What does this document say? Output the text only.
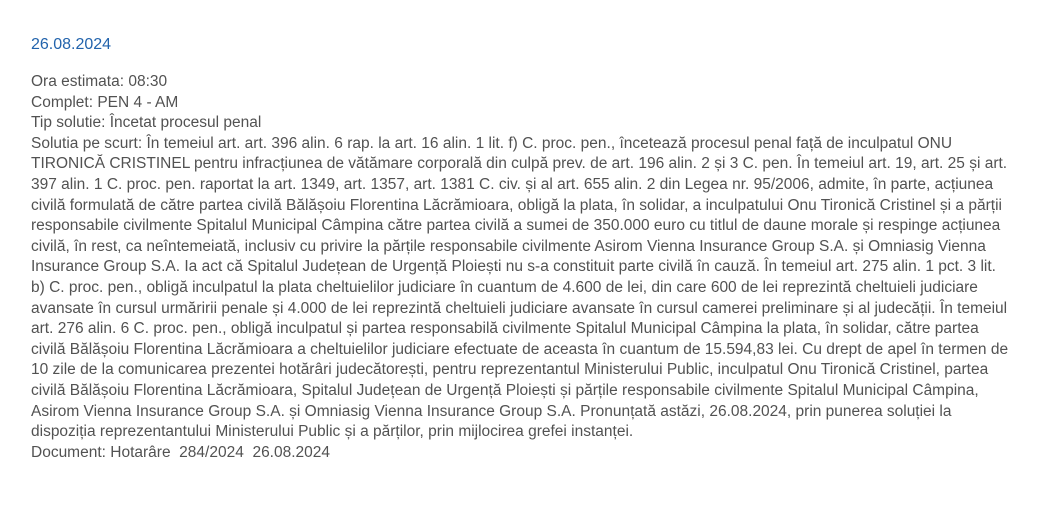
26.08.2024
Ora estimata: 08:30
Complet: PEN 4 - AM
Tip solutie: Încetat procesul penal

Solutia pe scurt: În temeiul art. art. 396 alin. 6 rap. la art. 16 alin. 1 lit. f) C. proc. pen., încetează procesul penal față de inculpatul ONU TIRONICĂ CRISTINEL pentru infracțiunea de vătămare corporală din culpă prev. de art. 196 alin. 2 și 3 C. pen. În temeiul art. 19, art. 25 și art. 397 alin. 1 C. proc. pen. raportat la art. 1349, art. 1357, art. 1381 C. civ. și al art. 655 alin. 2 din Legea nr. 95/2006, admite, în parte, acțiunea civilă formulată de către partea civilă Bălășoiu Florentina Lăcrămioara, obligă la plata, în solidar, a inculpatului Onu Tironică Cristinel și a părții responsabile civilmente Spitalul Municipal Câmpina către partea civilă a sumei de 350.000 euro cu titlul de daune morale și respinge acțiunea civilă, în rest, ca neîntemeiată, inclusiv cu privire la părțile responsabile civilmente Asirom Vienna Insurance Group S.A. și Omniasig Vienna Insurance Group S.A. Ia act că Spitalul Județean de Urgență Ploiești nu s-a constituit parte civilă în cauză. În temeiul art. 275 alin. 1 pct. 3 lit. b) C. proc. pen., obligă inculpatul la plata cheltuielilor judiciare în cuantum de 4.600 de lei, din care 600 de lei reprezintă cheltuieli judiciare avansate în cursul urmăririi penale și 4.000 de lei reprezintă cheltuieli judiciare avansate în cursul camerei preliminare și al judecății. În temeiul art. 276 alin. 6 C. proc. pen., obligă inculpatul și partea responsabilă civilmente Spitalul Municipal Câmpina la plata, în solidar, către partea civilă Bălășoiu Florentina Lăcrămioara a cheltuielilor judiciare efectuate de aceasta în cuantum de 15.594,83 lei. Cu drept de apel în termen de 10 zile de la comunicarea prezentei hotărâri judecătorești, pentru reprezentantul Ministerului Public, inculpatul Onu Tironică Cristinel, partea civilă Bălășoiu Florentina Lăcrămioara, Spitalul Județean de Urgență Ploiești și părțile responsabile civilmente Spitalul Municipal Câmpina, Asirom Vienna Insurance Group S.A. și Omniasig Vienna Insurance Group S.A. Pronunțată astăzi, 26.08.2024, prin punerea soluției la dispoziția reprezentantului Ministerului Public și a părților, prin mijlocirea grefei instanței.

Document: Hotarâre  284/2024  26.08.2024
